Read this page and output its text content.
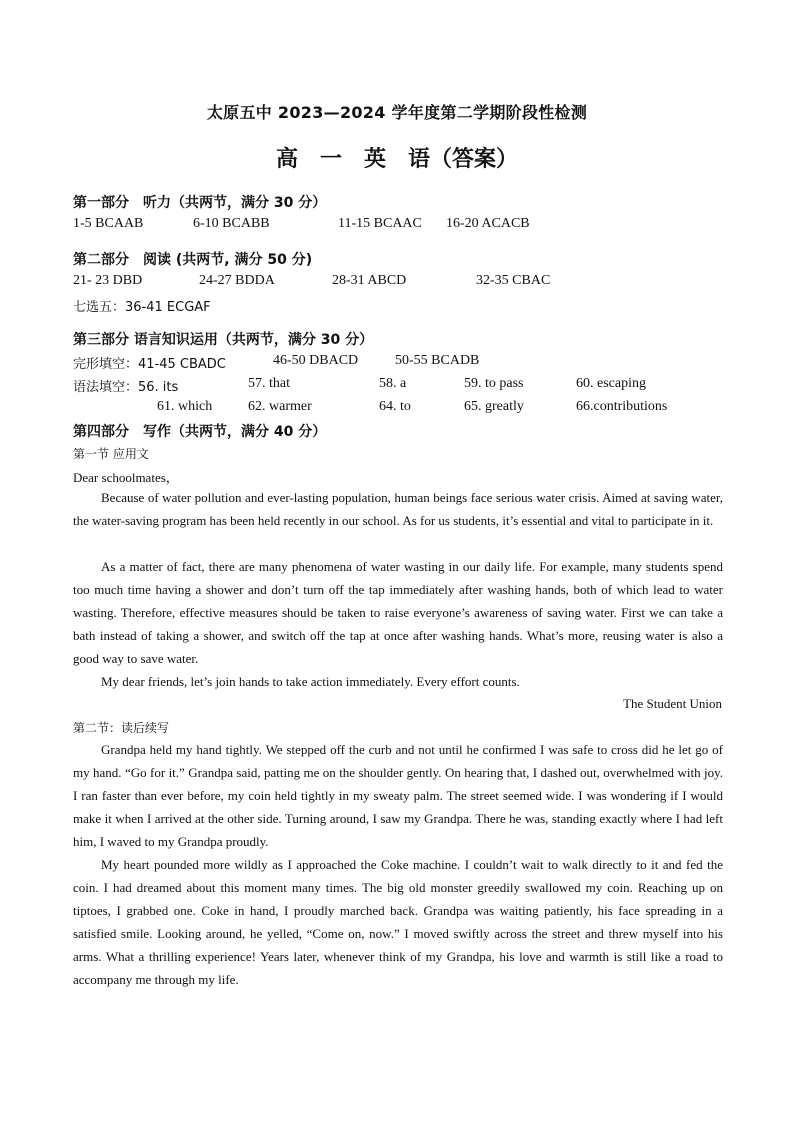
太原五中 2023—2024 学年度第二学期阶段性检测
高　一　英　语（答案）
第一部分　听力（共两节，满分 30 分）
1-5 BCAAB	6-10 BCABB	11-15 BCAAC 16-20 ACACB
第二部分　阅读 (共两节, 满分 50 分)
21- 23 DBD	24-27 BDDA	28-31 ABCD	32-35 CBAC
七选五：36-41 ECGAF
第三部分 语言知识运用（共两节，满分 30 分）
完形填空：41-45 CBADC	46-50 DBACD	50-55 BCADB
语法填空：56. its	57. that	58. a	59. to pass	60. escaping
61. which	62. warmer	64. to	65. greatly	66.contributions
第四部分　写作（共两节，满分 40 分）
第一节 应用文
Dear schoolmates，

Because of water pollution and ever-lasting population, human beings face serious water crisis. Aimed at saving water, the water-saving program has been held recently in our school. As for us students, it’s essential and vital to participate in it.

As a matter of fact, there are many phenomena of water wasting in our daily life. For example, many students spend too much time having a shower and don’t turn off the tap immediately after washing hands, both of which lead to water wasting. Therefore, effective measures should be taken to raise everyone’s awareness of saving water. First we can take a bath instead of taking a shower, and switch off the tap at once after washing hands. What’s more, reusing water is also a good way to save water.

My dear friends, let’s join hands to take action immediately. Every effort counts.

The Student Union
第二节：读后续写

Grandpa held my hand tightly. We stepped off the curb and not until he confirmed I was safe to cross did he let go of my hand. “Go for it.” Grandpa said, patting me on the shoulder gently. On hearing that, I dashed out, overwhelmed with joy. I ran faster than ever before, my coin held tightly in my sweaty palm. The street seemed wide. I was wondering if I would make it when I arrived at the other side. Turning around, I saw my Grandpa. There he was, standing exactly where I had left him, I waved to my Grandpa proudly.

My heart pounded more wildly as I approached the Coke machine. I couldn’t wait to walk directly to it and fed the coin. I had dreamed about this moment many times. The big old monster greedily swallowed my coin. Reaching up on tiptoes, I grabbed one. Coke in hand, I proudly marched back. Grandpa was waiting patiently, his face spreading in a satisfied smile. Looking around, he yelled, “Come on, now.” I moved swiftly across the street and threw myself into his arms. What a thrilling experience! Years later, whenever think of my Grandpa, his love and warmth is still like a road to accompany me through my life.
